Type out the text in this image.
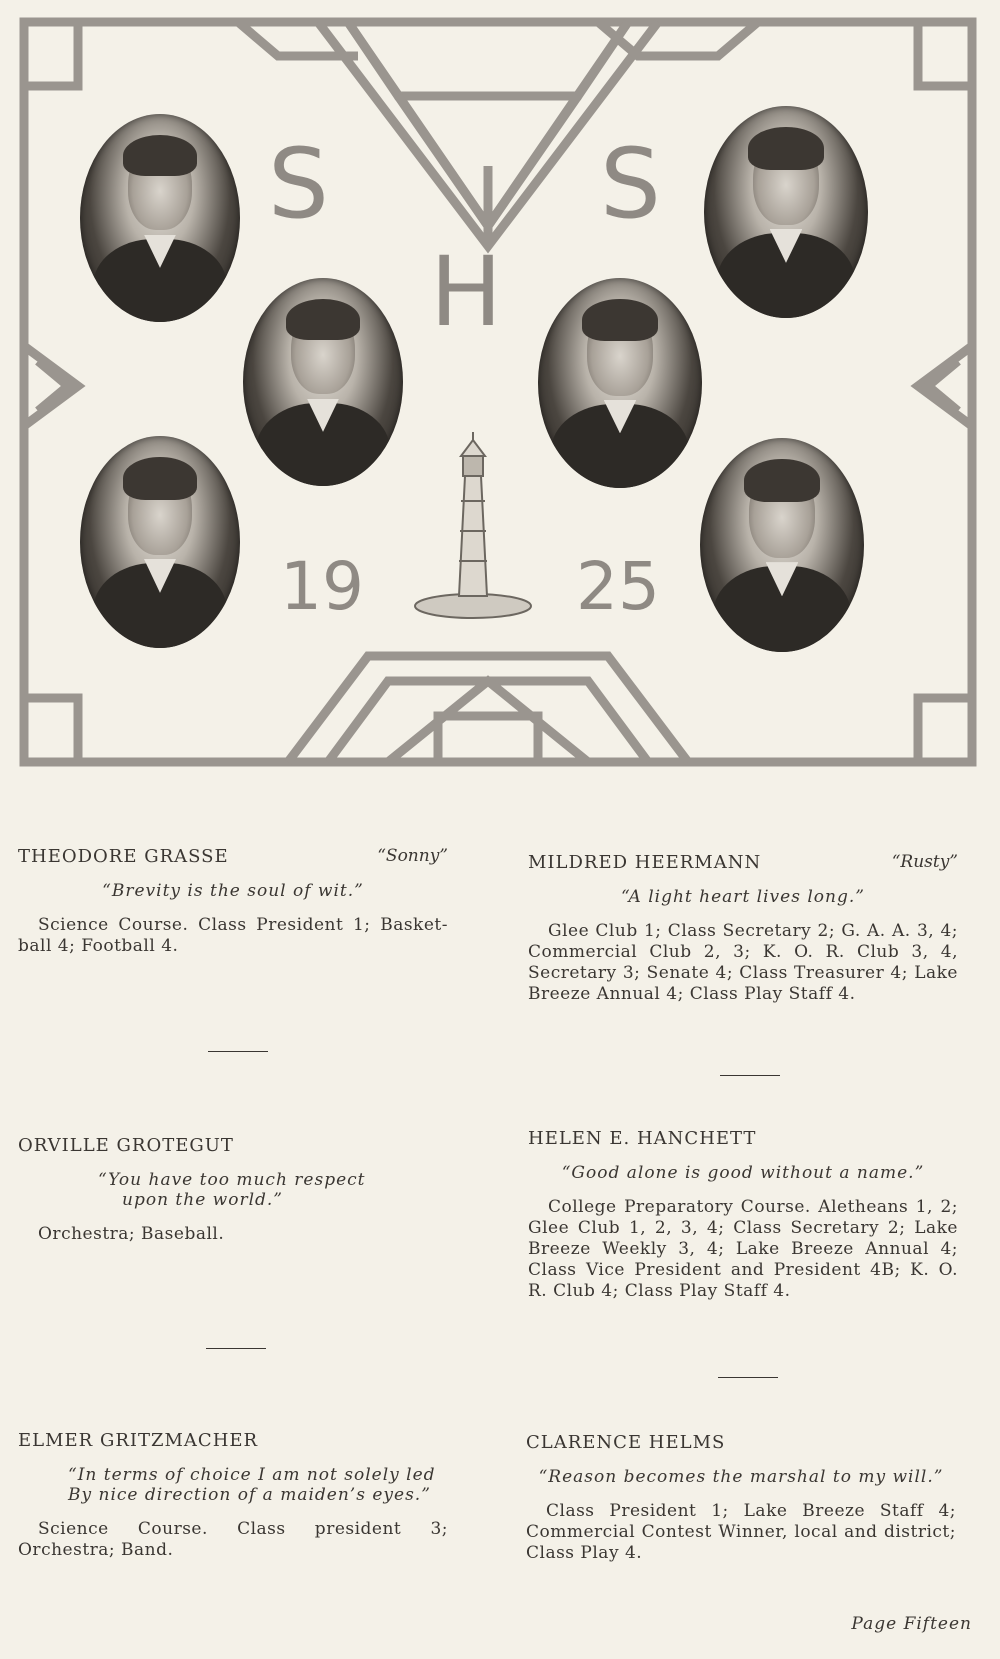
S	S
H
19	25
THEODORE GRASSE	“Sonny”
“Brevity is the soul of wit.”
Science Course. Class President 1; Basket-ball 4; Football 4.
ORVILLE GROTEGUT
“You have too much respect
upon the world.”
Orchestra; Baseball.
ELMER GRITZMACHER
“In terms of choice I am not solely led
By nice direction of a maiden’s eyes.”
Science Course. Class president 3; Orchestra; Band.
MILDRED HEERMANN	“Rusty”
“A light heart lives long.”
Glee Club 1; Class Secretary 2; G. A. A. 3, 4; Commercial Club 2, 3; K. O. R. Club 3, 4, Secretary 3; Senate 4; Class Treasurer 4; Lake Breeze Annual 4; Class Play Staff 4.
HELEN E. HANCHETT
“Good alone is good without a name.”
College Preparatory Course. Aletheans 1, 2; Glee Club 1, 2, 3, 4; Class Secretary 2; Lake Breeze Weekly 3, 4; Lake Breeze Annual 4; Class Vice President and President 4B; K. O. R. Club 4; Class Play Staff 4.
CLARENCE HELMS
“Reason becomes the marshal to my will.”
Class President 1; Lake Breeze Staff 4; Commercial Contest Winner, local and district; Class Play 4.
Page Fifteen
